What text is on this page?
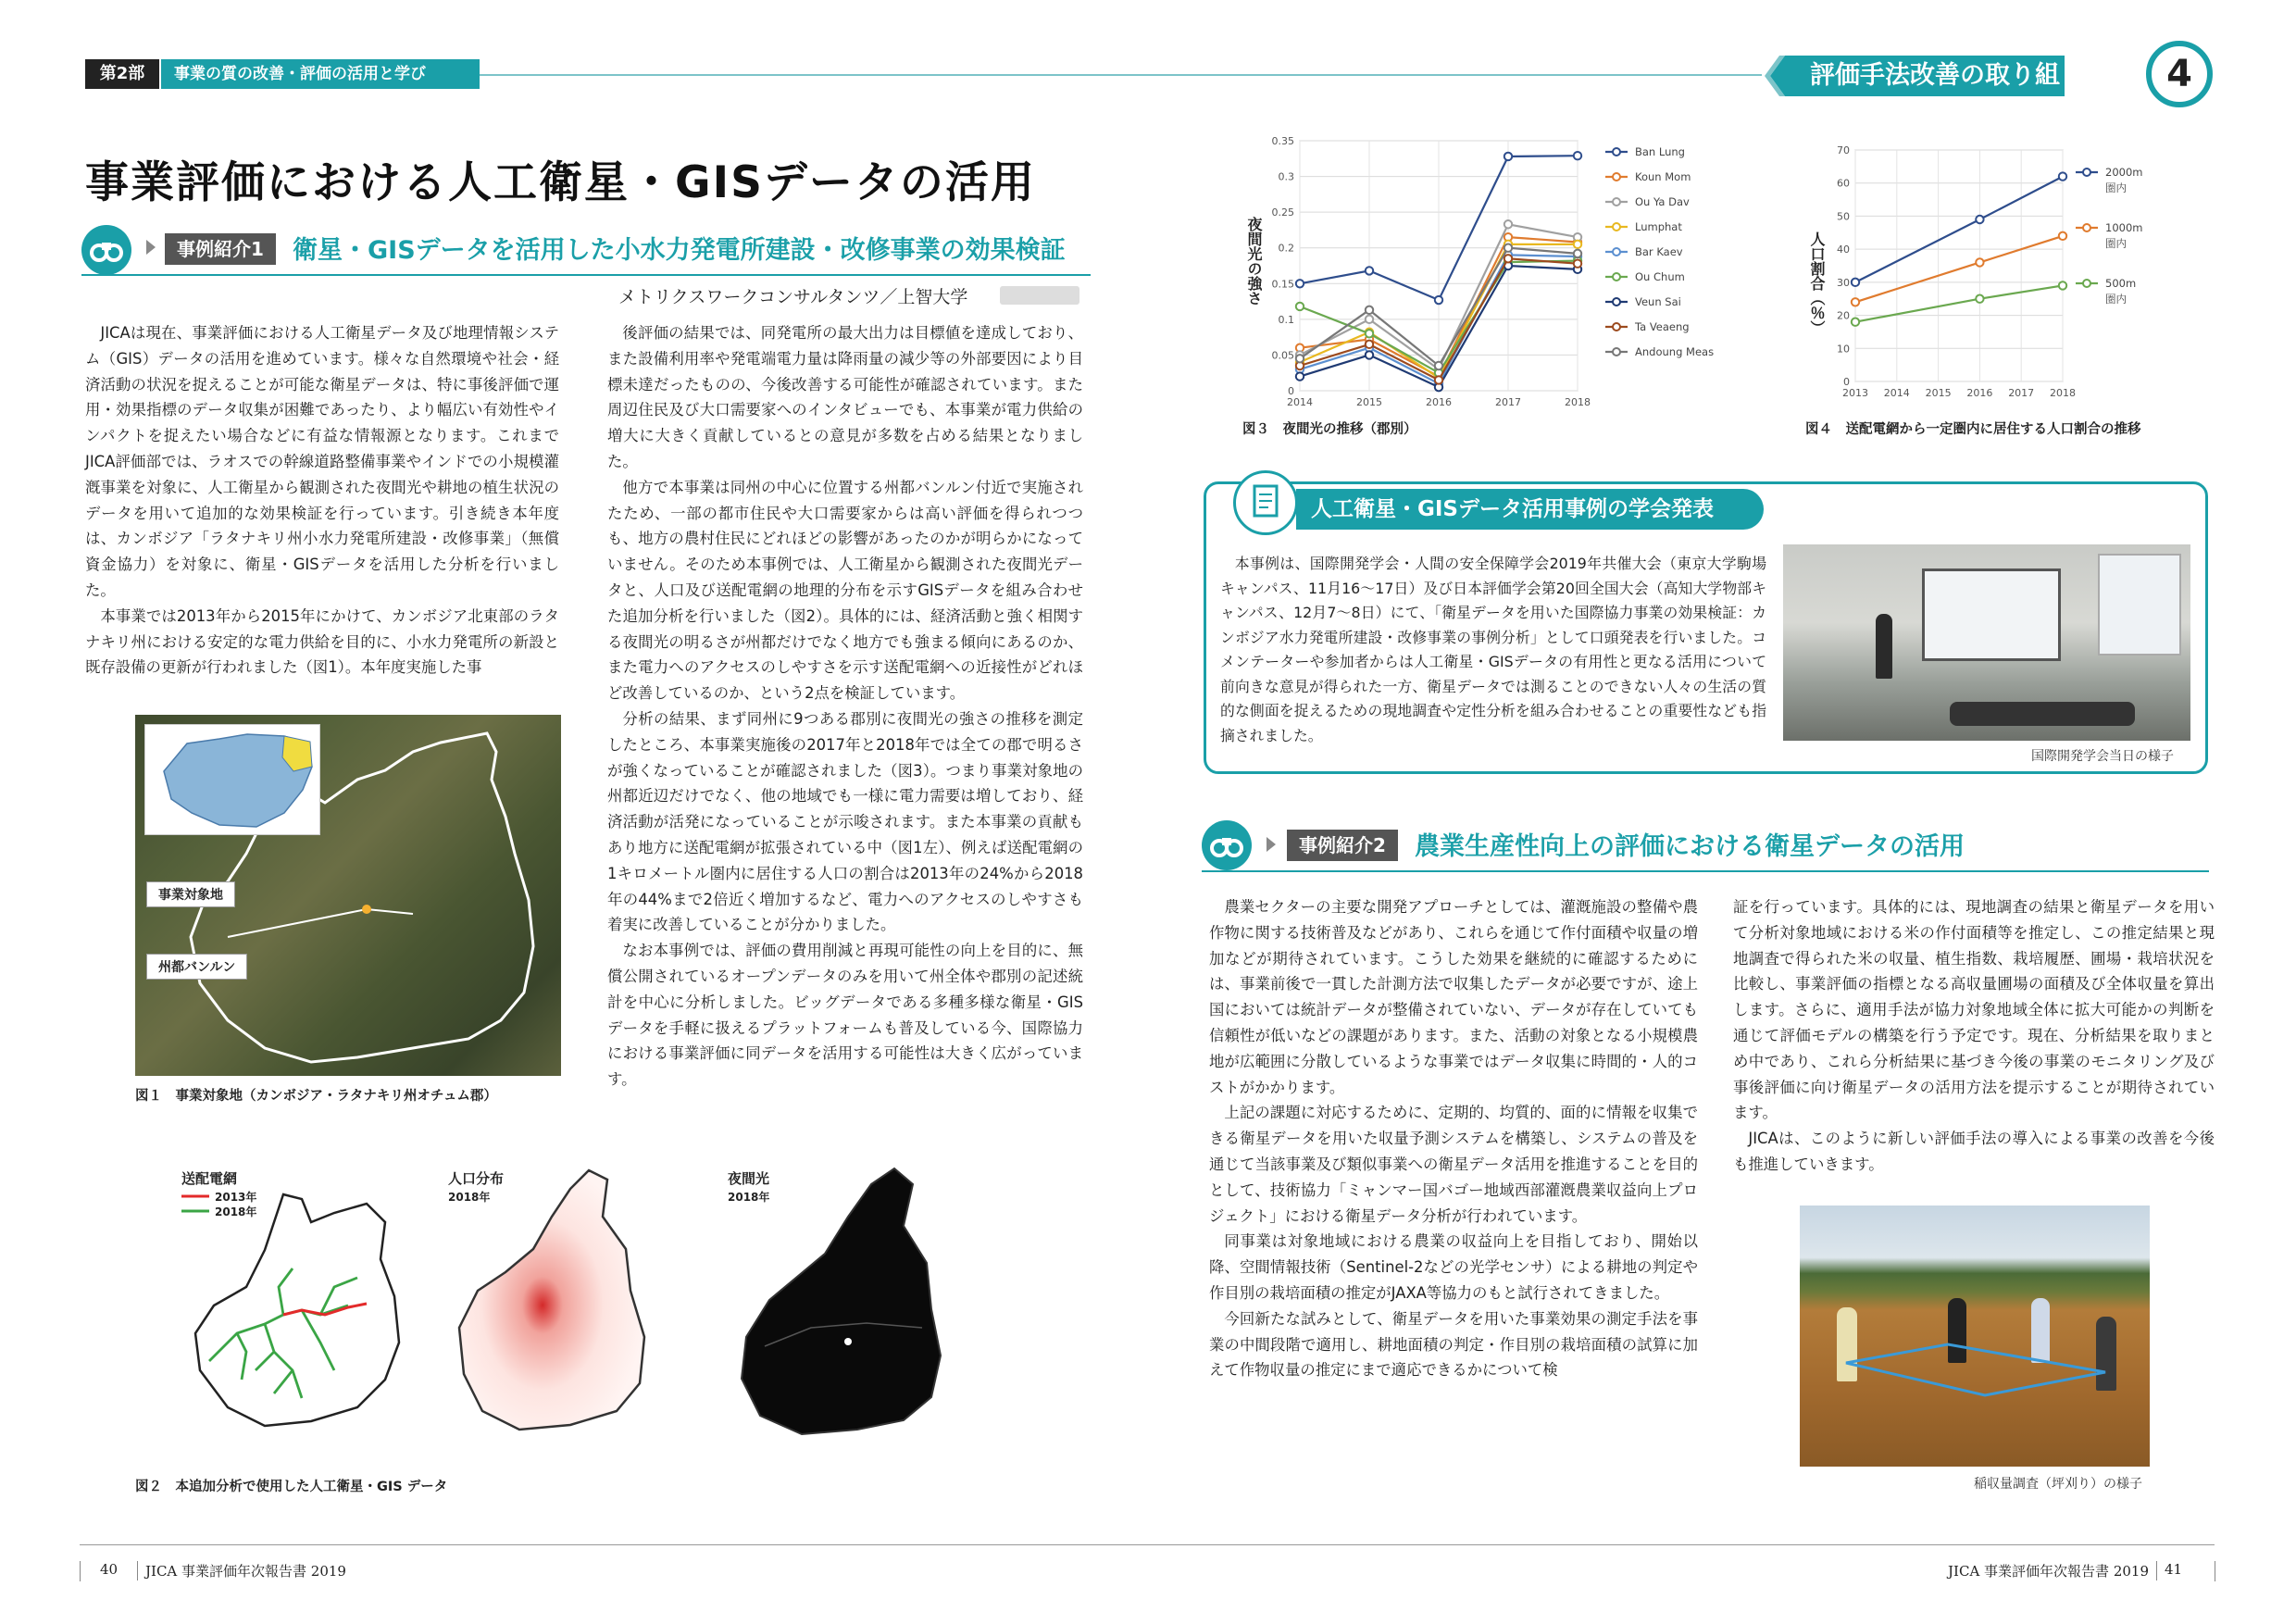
第2部	事業の質の改善・評価の活用と学び	評価手法改善の取り組み
4
事業評価における人工衛星・GISデータの活用
事例紹介1	衛星・GISデータを活用した小水力発電所建設・改修事業の効果検証
メトリクスワークコンサルタンツ／上智大学

JICAは現在、事業評価における人工衛星データ及び地理情報システム（GIS）データの活用を進めています。様々な自然環境や社会・経済活動の状況を捉えることが可能な衛星データは、特に事後評価で運用・効果指標のデータ収集が困難であったり、より幅広い有効性やインパクトを捉えたい場合などに有益な情報源となります。これまでJICA評価部では、ラオスでの幹線道路整備事業やインドでの小規模灌漑事業を対象に、人工衛星から観測された夜間光や耕地の植生状況のデータを用いて追加的な効果検証を行っています。引き続き本年度は、カンボジア「ラタナキリ州小水力発電所建設・改修事業」（無償資金協力）を対象に、衛星・GISデータを活用した分析を行いました。

本事業では2013年から2015年にかけて、カンボジア北東部のラタナキリ州における安定的な電力供給を目的に、小水力発電所の新設と既存設備の更新が行われました（図1）。本年度実施した事

後評価の結果では、同発電所の最大出力は目標値を達成しており、また設備利用率や発電端電力量は降雨量の減少等の外部要因により目標未達だったものの、今後改善する可能性が確認されています。また周辺住民及び大口需要家へのインタビューでも、本事業が電力供給の増大に大きく貢献しているとの意見が多数を占める結果となりました。

他方で本事業は同州の中心に位置する州都バンルン付近で実施されたため、一部の都市住民や大口需要家からは高い評価を得られつつも、地方の農村住民にどれほどの影響があったのかが明らかになっていません。そのため本事例では、人工衛星から観測された夜間光データと、人口及び送配電網の地理的分布を示すGISデータを組み合わせた追加分析を行いました（図2）。具体的には、経済活動と強く相関する夜間光の明るさが州都だけでなく地方でも強まる傾向にあるのか、また電力へのアクセスのしやすさを示す送配電網への近接性がどれほど改善しているのか、という2点を検証しています。

分析の結果、まず同州に9つある郡別に夜間光の強さの推移を測定したところ、本事業実施後の2017年と2018年では全ての郡で明るさが強くなっていることが確認されました（図3）。つまり事業対象地の州都近辺だけでなく、他の地域でも一様に電力需要は増しており、経済活動が活発になっていることが示唆されます。また本事業の貢献もあり地方に送配電網が拡張されている中（図1左）、例えば送配電網の1キロメートル圏内に居住する人口の割合は2013年の24%から2018年の44%まで2倍近く増加するなど、電力へのアクセスのしやすさも着実に改善していることが分かりました。

なお本事例では、評価の費用削減と再現可能性の向上を目的に、無償公開されているオープンデータのみを用いて州全体や郡別の記述統計を中心に分析しました。ビッグデータである多種多様な衛星・GISデータを手軽に扱えるプラットフォームも普及している今、国際協力における事業評価に同データを活用する可能性は大きく広がっています。

事業対象地
州都バンルン
図１　事業対象地（カンボジア・ラタナキリ州オチュム郡）
送配電網
2013年
2018年
人口分布
2018年
夜間光
2018年
図２　本追加分析で使用した人工衛星・GIS データ
夜間光の強さ
0
0.05
0.1
0.15
0.2
0.25
0.3
0.35
2014	2015	2016	2017	2018
Ban Lung
Koun Mom
Ou Ya Dav
Lumphat
Bar Kaev
Ou Chum
Veun Sai
Ta Veaeng
Andoung Meas
図３　夜間光の推移（郡別）
人口割合（％）
0
10
20
30
40
50
60
70
2013 2014 2015 2016 2017 2018
2000m
圏内
1000m
圏内
500m
圏内
図４　送配電網から一定圏内に居住する人口割合の推移
人工衛星・GISデータ活用事例の学会発表
本事例は、国際開発学会・人間の安全保障学会2019年共催大会（東京大学駒場キャンパス、11月16〜17日）及び日本評価学会第20回全国大会（高知大学物部キャンパス、12月7〜8日）にて、「衛星データを用いた国際協力事業の効果検証：カンボジア水力発電所建設・改修事業の事例分析」として口頭発表を行いました。コメンテーターや参加者からは人工衛星・GISデータの有用性と更なる活用について前向きな意見が得られた一方、衛星データでは測ることのできない人々の生活の質的な側面を捉えるための現地調査や定性分析を組み合わせることの重要性なども指摘されました。
国際開発学会当日の様子
事例紹介2	農業生産性向上の評価における衛星データの活用

農業セクターの主要な開発アプローチとしては、灌漑施設の整備や農作物に関する技術普及などがあり、これらを通じて作付面積や収量の増加などが期待されています。こうした効果を継続的に確認するためには、事業前後で一貫した計測方法で収集したデータが必要ですが、途上国においては統計データが整備されていない、データが存在していても信頼性が低いなどの課題があります。また、活動の対象となる小規模農地が広範囲に分散しているような事業ではデータ収集に時間的・人的コストがかかります。

上記の課題に対応するために、定期的、均質的、面的に情報を収集できる衛星データを用いた収量予測システムを構築し、システムの普及を通じて当該事業及び類似事業への衛星データ活用を推進することを目的として、技術協力「ミャンマー国バゴー地域西部灌漑農業収益向上プロジェクト」における衛星データ分析が行われています。

同事業は対象地域における農業の収益向上を目指しており、開始以降、空間情報技術（Sentinel-2などの光学センサ）による耕地の判定や作目別の栽培面積の推定がJAXA等協力のもと試行されてきました。

今回新たな試みとして、衛星データを用いた事業効果の測定手法を事業の中間段階で適用し、耕地面積の判定・作目別の栽培面積の試算に加えて作物収量の推定にまで適応できるかについて検

証を行っています。具体的には、現地調査の結果と衛星データを用いて分析対象地域における米の作付面積等を推定し、この推定結果と現地調査で得られた米の収量、植生指数、栽培履歴、圃場・栽培状況を比較し、事業評価の指標となる高収量圃場の面積及び全体収量を算出します。さらに、適用手法が協力対象地域全体に拡大可能かの判断を通じて評価モデルの構築を行う予定です。現在、分析結果を取りまとめ中であり、これら分析結果に基づき今後の事業のモニタリング及び事後評価に向け衛星データの活用方法を提示することが期待されています。

JICAは、このように新しい評価手法の導入による事業の改善を今後も推進していきます。

稲収量調査（坪刈り）の様子
40	JICA 事業評価年次報告書 2019	JICA 事業評価年次報告書 2019	41
